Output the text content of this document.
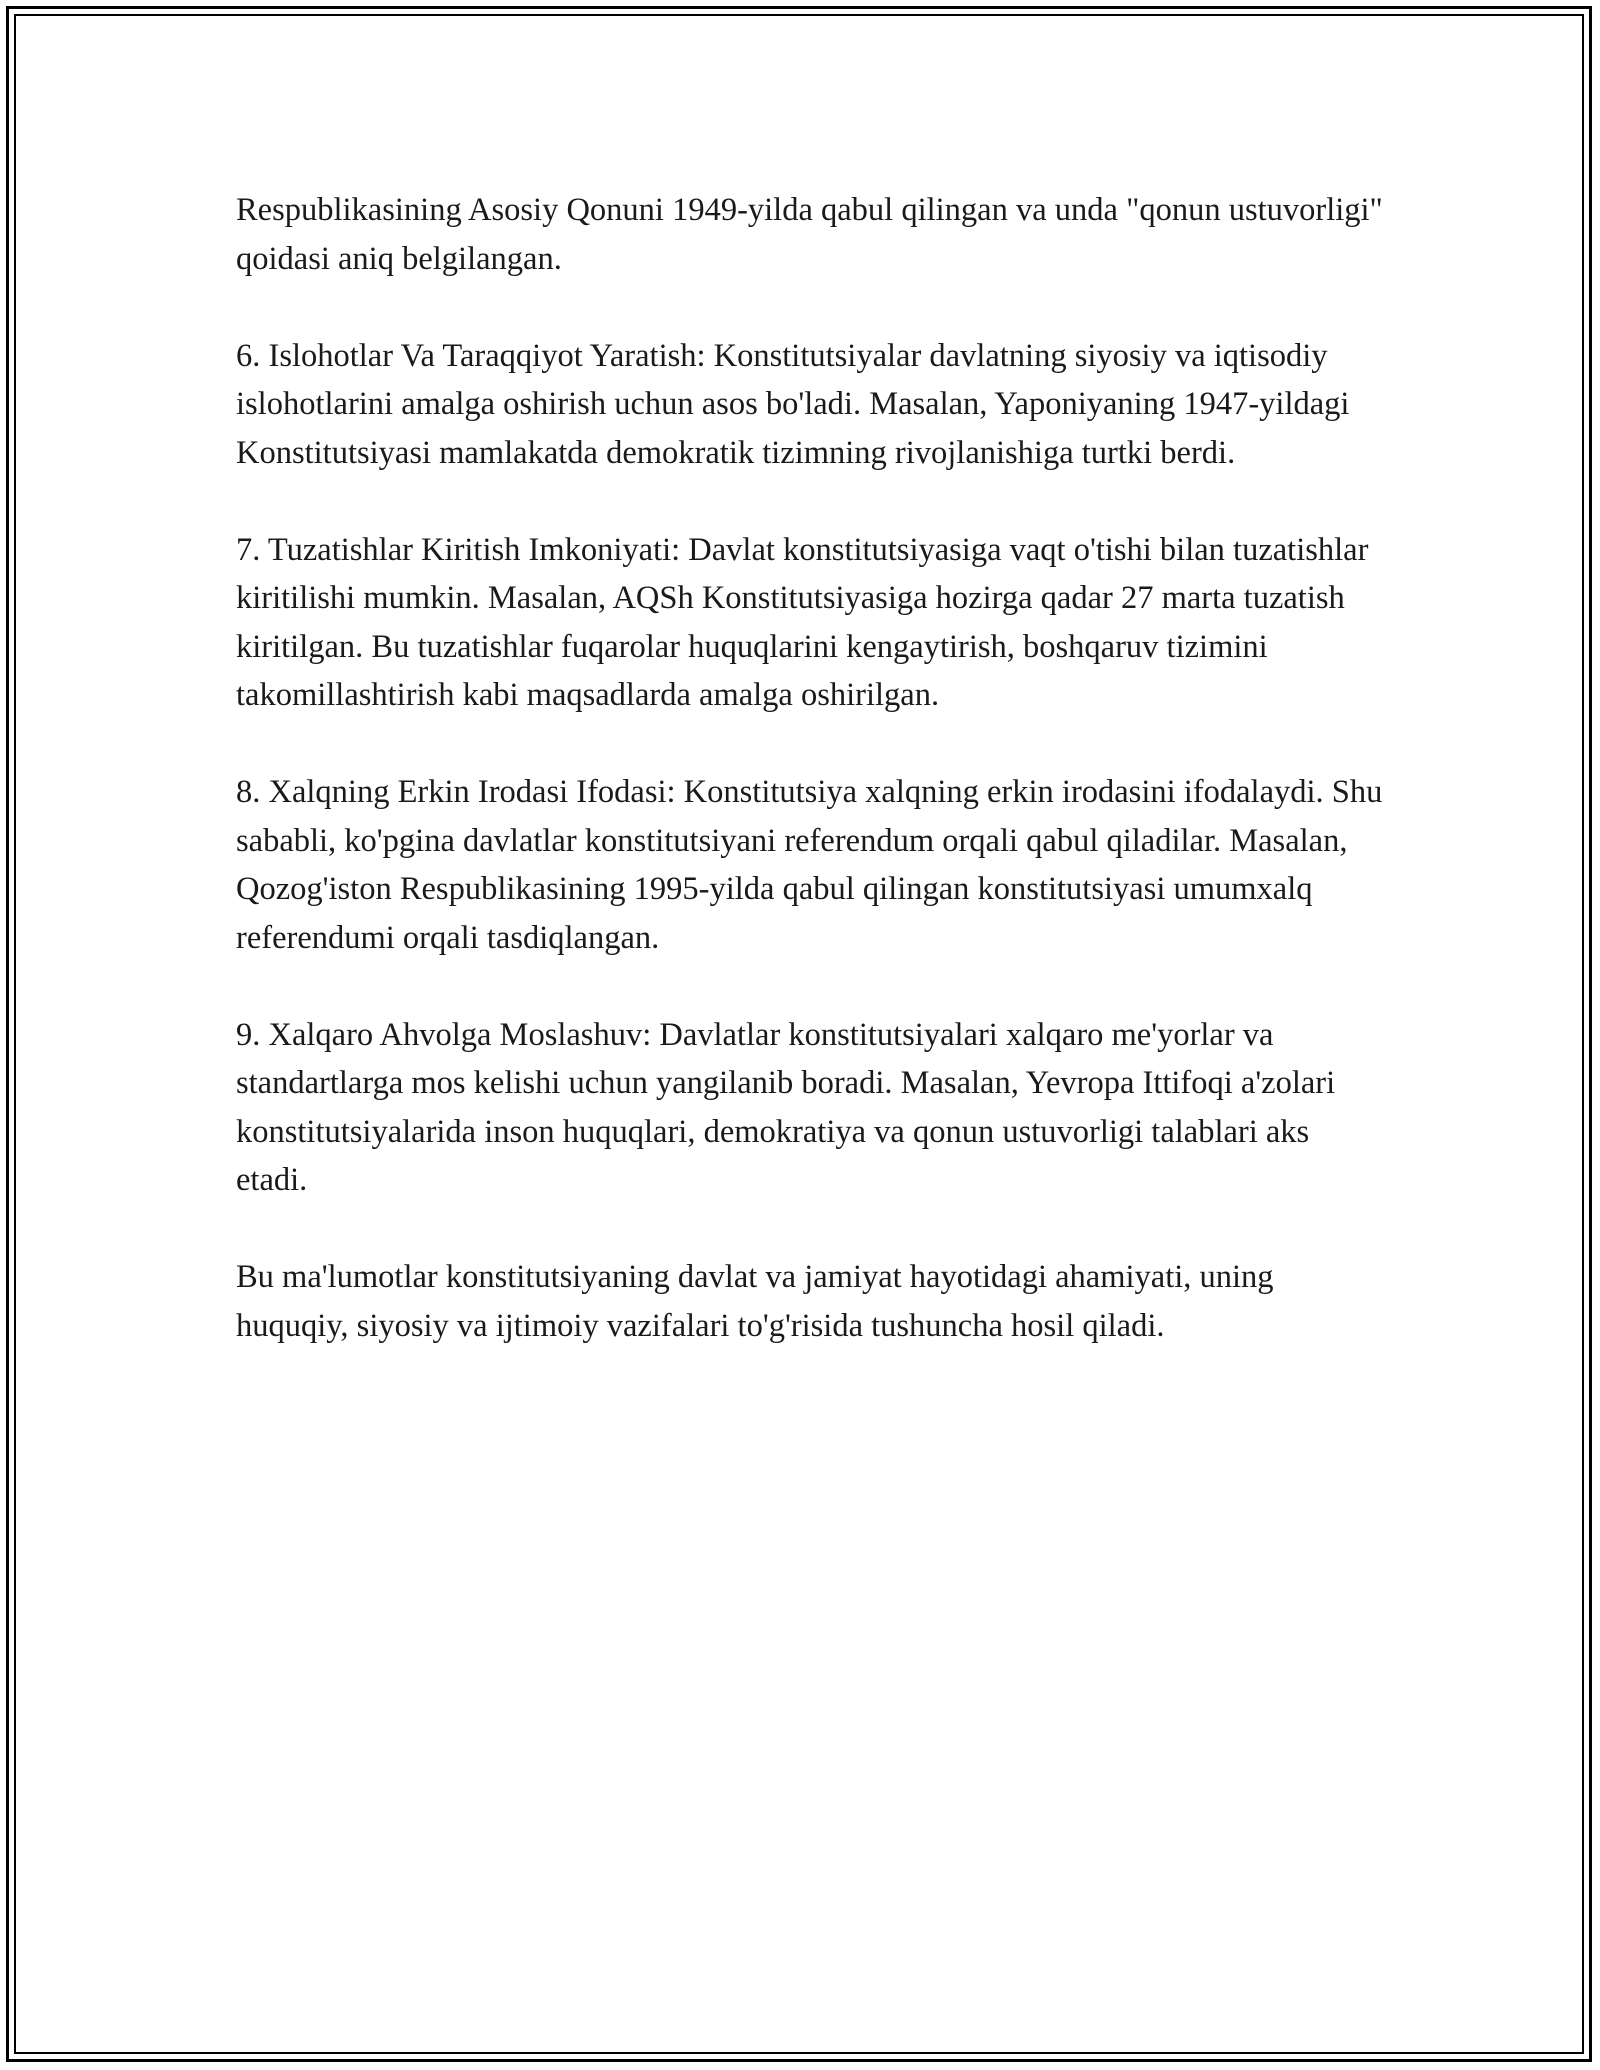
Respublikasining Asosiy Qonuni 1949-yilda qabul qilingan va unda "qonun ustuvorligi" qoidasi aniq belgilangan.

6. Islohotlar Va Taraqqiyot Yaratish: Konstitutsiyalar davlatning siyosiy va iqtisodiy islohotlarini amalga oshirish uchun asos bo'ladi. Masalan, Yaponiyaning 1947-yildagi Konstitutsiyasi mamlakatda demokratik tizimning rivojlanishiga turtki berdi.

7. Tuzatishlar Kiritish Imkoniyati: Davlat konstitutsiyasiga vaqt o'tishi bilan tuzatishlar kiritilishi mumkin. Masalan, AQSh Konstitutsiyasiga hozirga qadar 27 marta tuzatish kiritilgan. Bu tuzatishlar fuqarolar huquqlarini kengaytirish, boshqaruv tizimini takomillashtirish kabi maqsadlarda amalga oshirilgan.

8. Xalqning Erkin Irodasi Ifodasi: Konstitutsiya xalqning erkin irodasini ifodalaydi. Shu sababli, ko'pgina davlatlar konstitutsiyani referendum orqali qabul qiladilar. Masalan, Qozog'iston Respublikasining 1995-yilda qabul qilingan konstitutsiyasi umumxalq referendumi orqali tasdiqlangan.

9. Xalqaro Ahvolga Moslashuv: Davlatlar konstitutsiyalari xalqaro me'yorlar va standartlarga mos kelishi uchun yangilanib boradi. Masalan, Yevropa Ittifoqi a'zolari konstitutsiyalarida inson huquqlari, demokratiya va qonun ustuvorligi talablari aks etadi.

Bu ma'lumotlar konstitutsiyaning davlat va jamiyat hayotidagi ahamiyati, uning huquqiy, siyosiy va ijtimoiy vazifalari to'g'risida tushuncha hosil qiladi.
